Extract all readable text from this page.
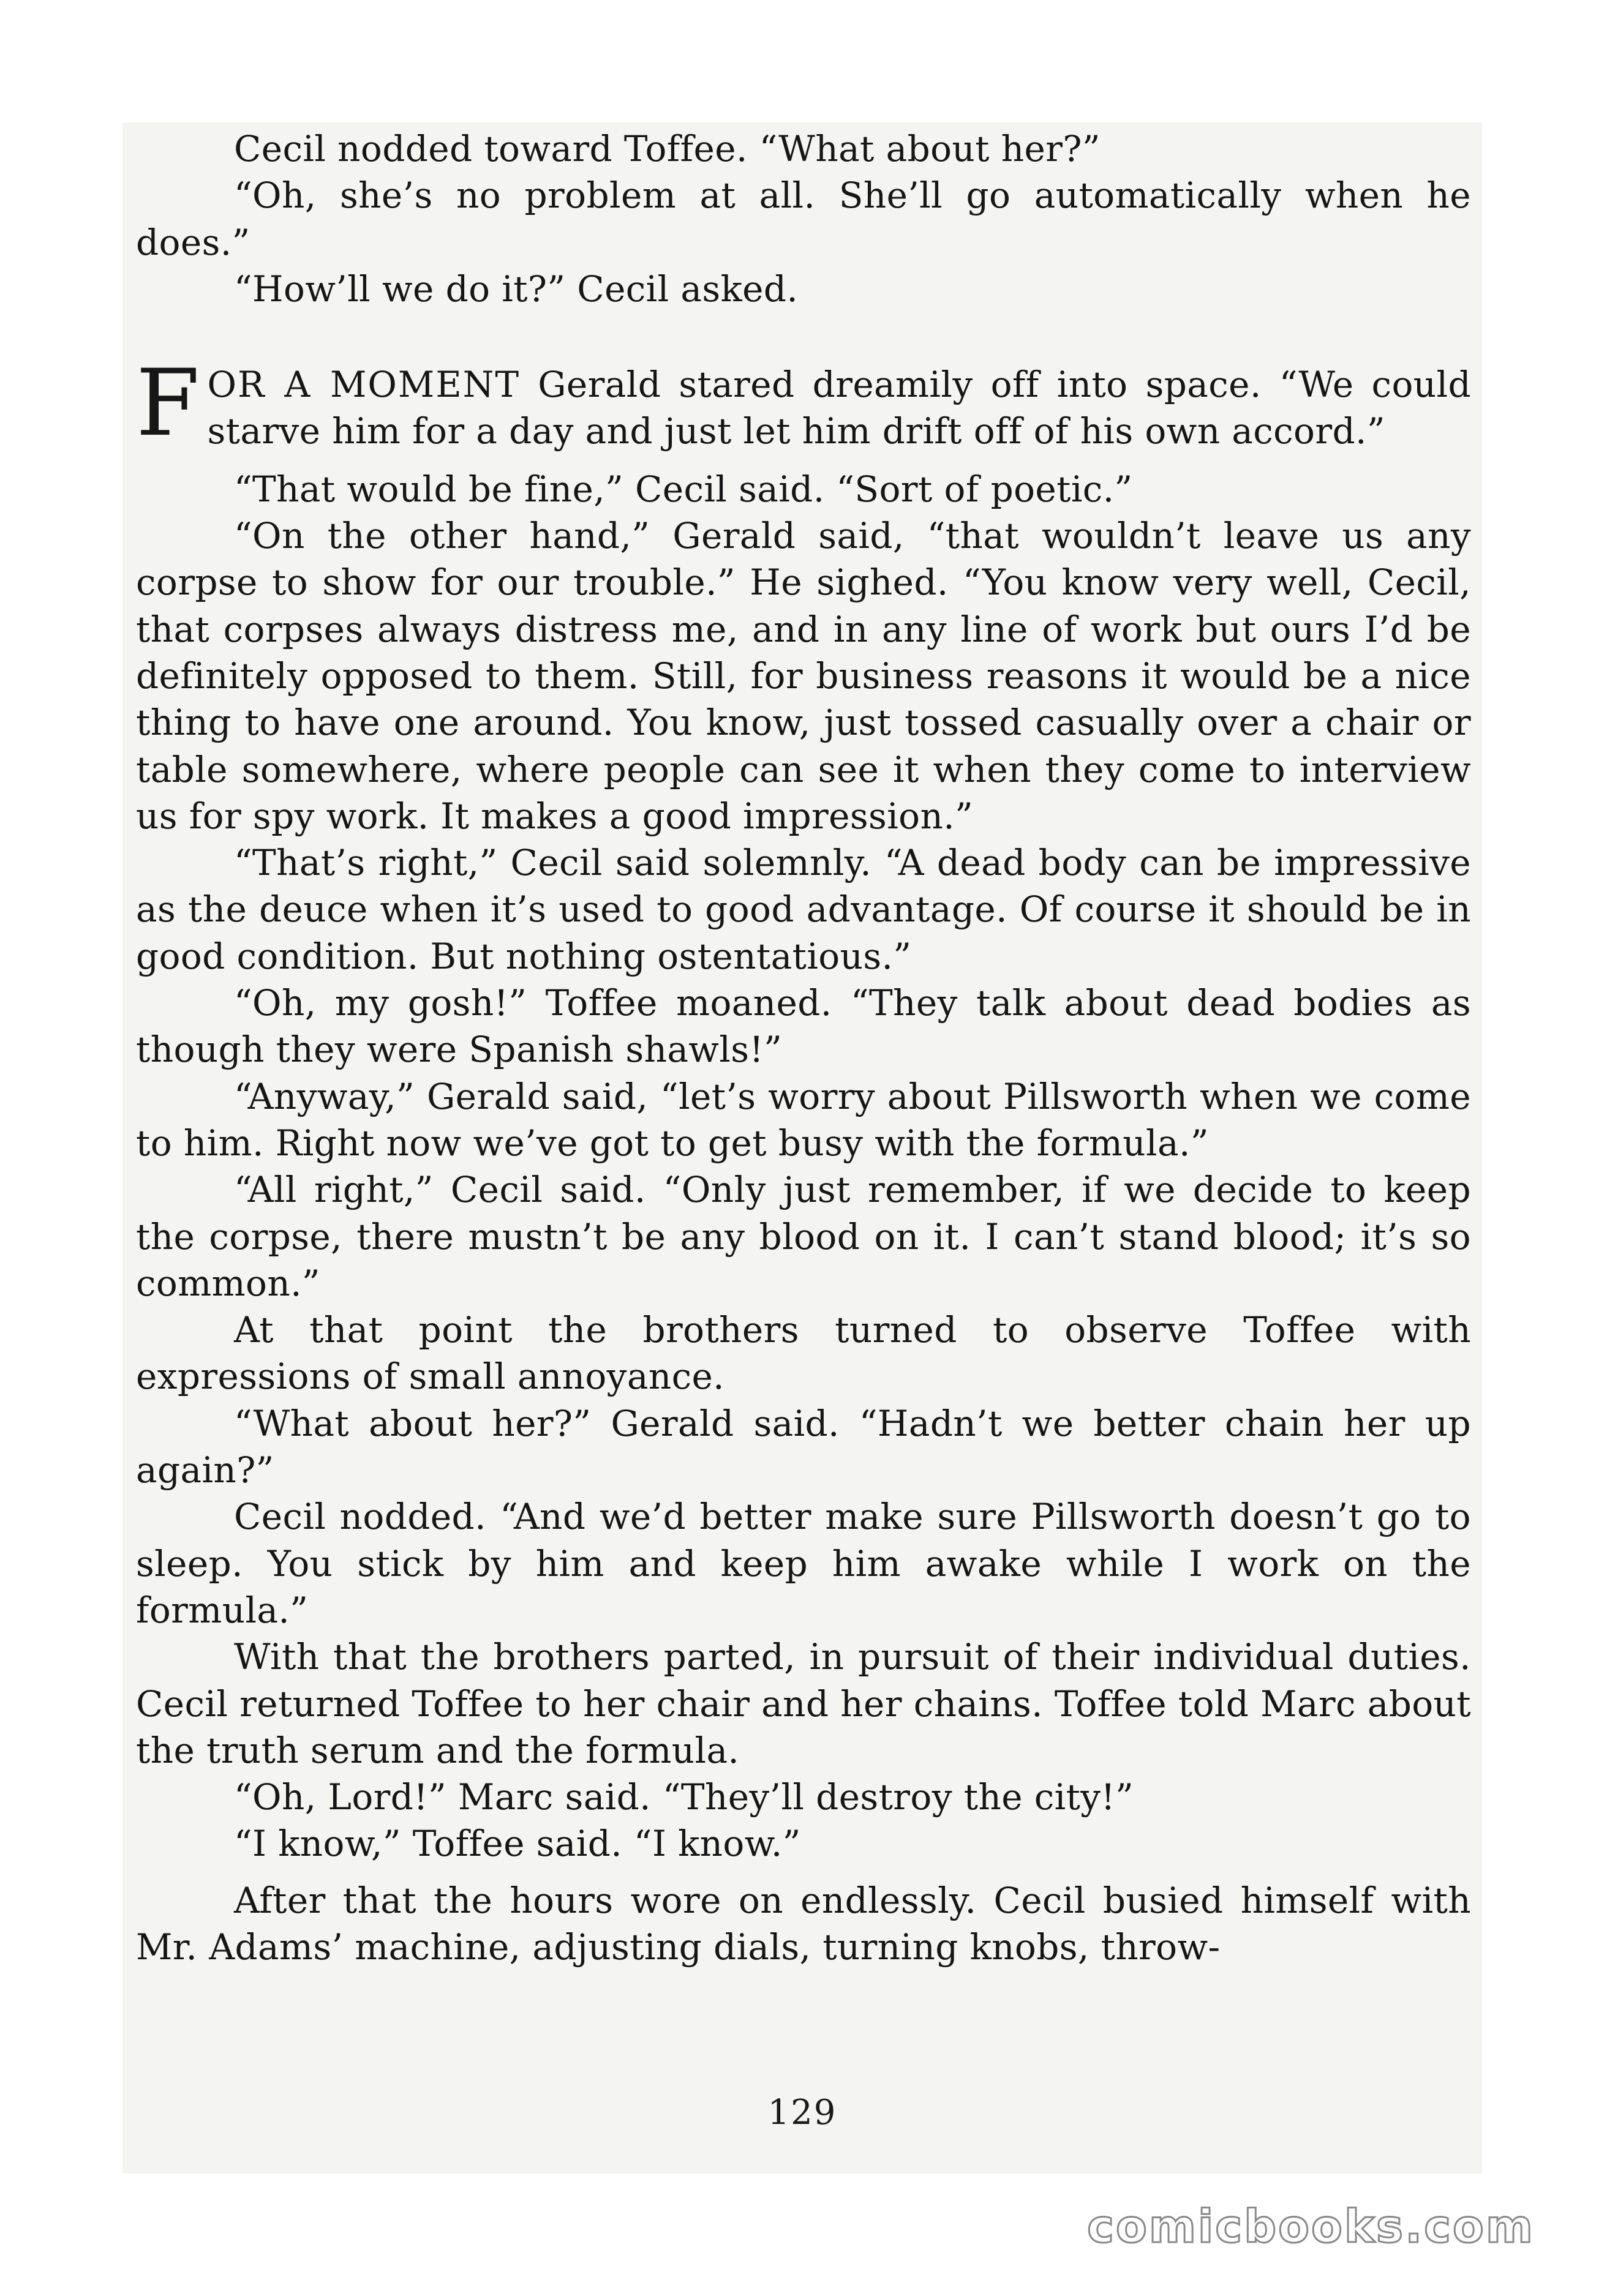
Cecil nodded toward Toffee. “What about her?”

“Oh, she’s no problem at all. She’ll go automatically when he does.”

“How’ll we do it?” Cecil asked.

FOR A MOMENT Gerald stared dreamily off into space. “We could starve him for a day and just let him drift off of his own accord.”

“That would be fine,” Cecil said. “Sort of poetic.”

“On the other hand,” Gerald said, “that wouldn’t leave us any corpse to show for our trouble.” He sighed. “You know very well, Cecil, that corpses always distress me, and in any line of work but ours I’d be definitely opposed to them. Still, for business reasons it would be a nice thing to have one around. You know, just tossed casually over a chair or table somewhere, where people can see it when they come to interview us for spy work. It makes a good impression.”

“That’s right,” Cecil said solemnly. “A dead body can be impressive as the deuce when it’s used to good advantage. Of course it should be in good condition. But nothing ostentatious.”

“Oh, my gosh!” Toffee moaned. “They talk about dead bodies as though they were Spanish shawls!”

“Anyway,” Gerald said, “let’s worry about Pillsworth when we come to him. Right now we’ve got to get busy with the formula.”

“All right,” Cecil said. “Only just remember, if we decide to keep the corpse, there mustn’t be any blood on it. I can’t stand blood; it’s so common.”

At that point the brothers turned to observe Toffee with expressions of small annoyance.

“What about her?” Gerald said. “Hadn’t we better chain her up again?”

Cecil nodded. “And we’d better make sure Pillsworth doesn’t go to sleep. You stick by him and keep him awake while I work on the formula.”

With that the brothers parted, in pursuit of their individual duties. Cecil returned Toffee to her chair and her chains. Toffee told Marc about the truth serum and the formula.

“Oh, Lord!” Marc said. “They’ll destroy the city!”

“I know,” Toffee said. “I know.”

After that the hours wore on endlessly. Cecil busied himself with Mr. Adams’ machine, adjusting dials, turning knobs, throw-

129
comicbooks.com
